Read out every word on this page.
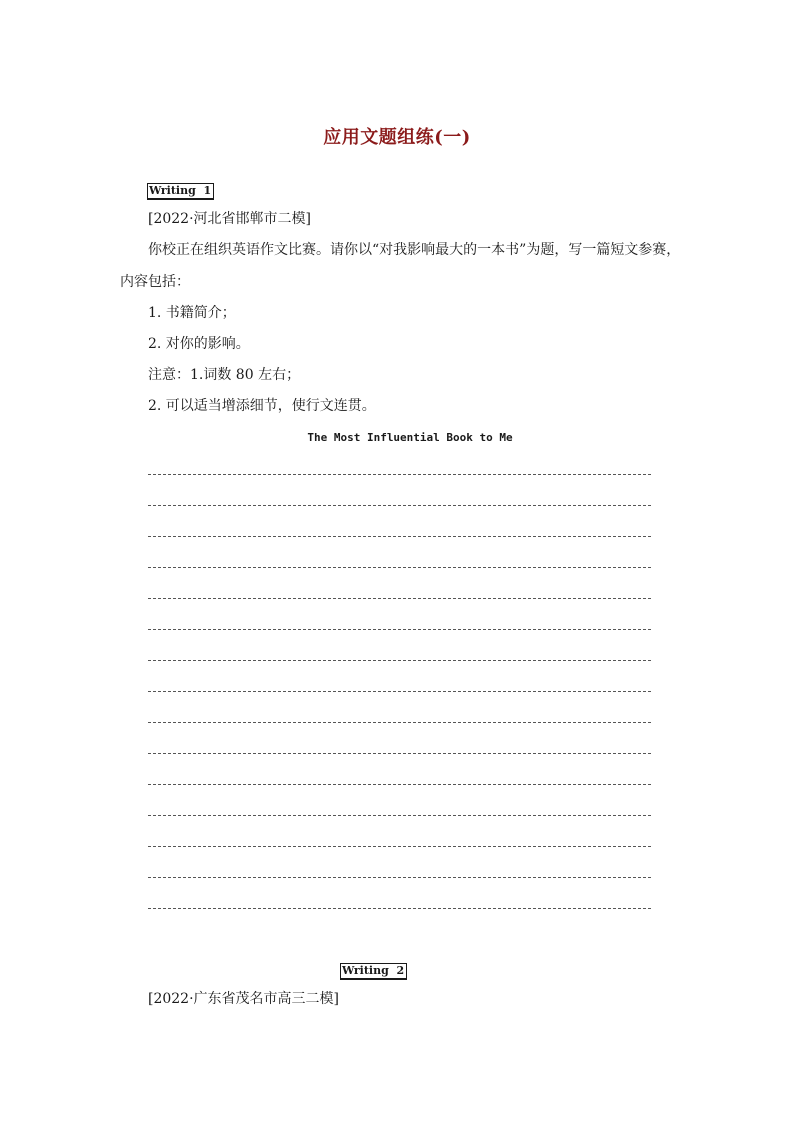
应用文题组练(一)
Writing  1
[2022·河北省邯郸市二模]
你校正在组织英语作文比赛。请你以“对我影响最大的一本书”为题，写一篇短文参赛，
内容包括：
1. 书籍简介；
2. 对你的影响。
注意：1.词数 80 左右；
2. 可以适当增添细节，使行文连贯。
The Most Influential Book to Me
Writing  2
[2022·广东省茂名市高三二模]
